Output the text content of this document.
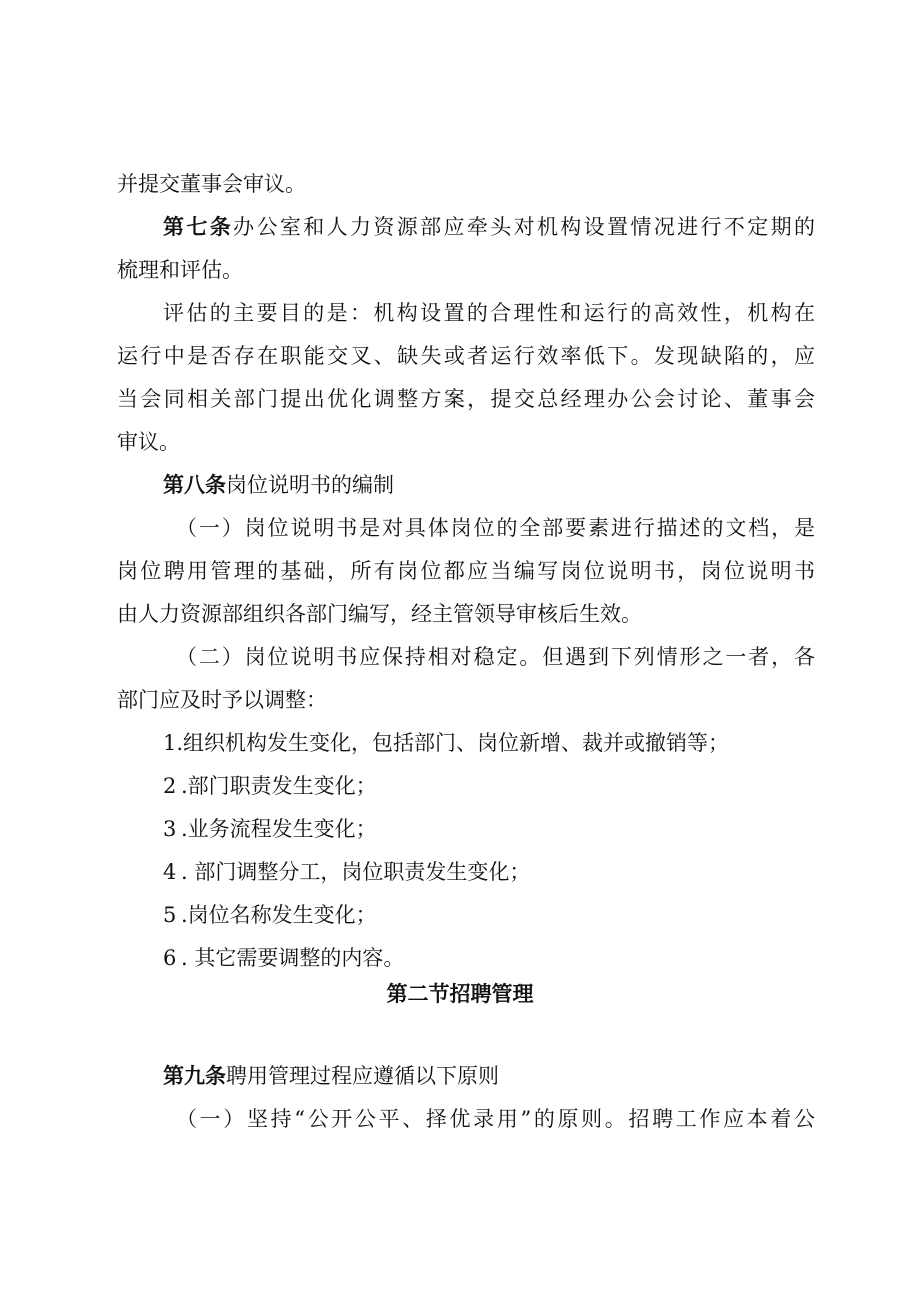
并提交董事会审议。
第七条办公室和人力资源部应牵头对机构设置情况进行不定期的
梳理和评估。
评估的主要目的是：机构设置的合理性和运行的高效性，机构在
运行中是否存在职能交叉、缺失或者运行效率低下。发现缺陷的，应
当会同相关部门提出优化调整方案，提交总经理办公会讨论、董事会
审议。
第八条岗位说明书的编制
（一）岗位说明书是对具体岗位的全部要素进行描述的文档，是
岗位聘用管理的基础，所有岗位都应当编写岗位说明书，岗位说明书
由人力资源部组织各部门编写，经主管领导审核后生效。
（二）岗位说明书应保持相对稳定。但遇到下列情形之一者，各
部门应及时予以调整：
1.组织机构发生变化，包括部门、岗位新增、裁并或撤销等；
2 .部门职责发生变化；
3 .业务流程发生变化；
4 . 部门调整分工，岗位职责发生变化；
5 .岗位名称发生变化；
6 . 其它需要调整的内容。
第二节招聘管理
第九条聘用管理过程应遵循以下原则
（一）坚持“公开公平、择优录用”的原则。招聘工作应本着公
